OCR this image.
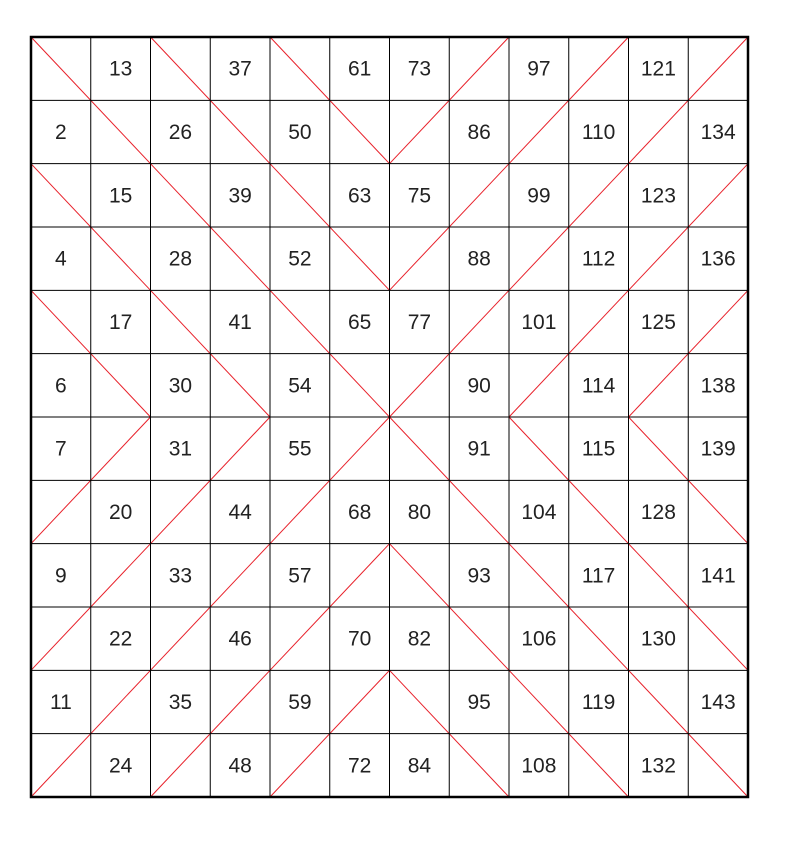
13	37	61 73	97	121
2	26	50	86	110	134
15	39	63 75	99	123
4	28	52	88	112	136
17	41	65 77	101	125
6	30	54	90	114	138
7	31	55	91	115	139
20	44	68 80	104	128
9	33	57	93	117	141
22	46	70 82	106	130
11	35	59	95	119	143
24	48	72 84	108	132
